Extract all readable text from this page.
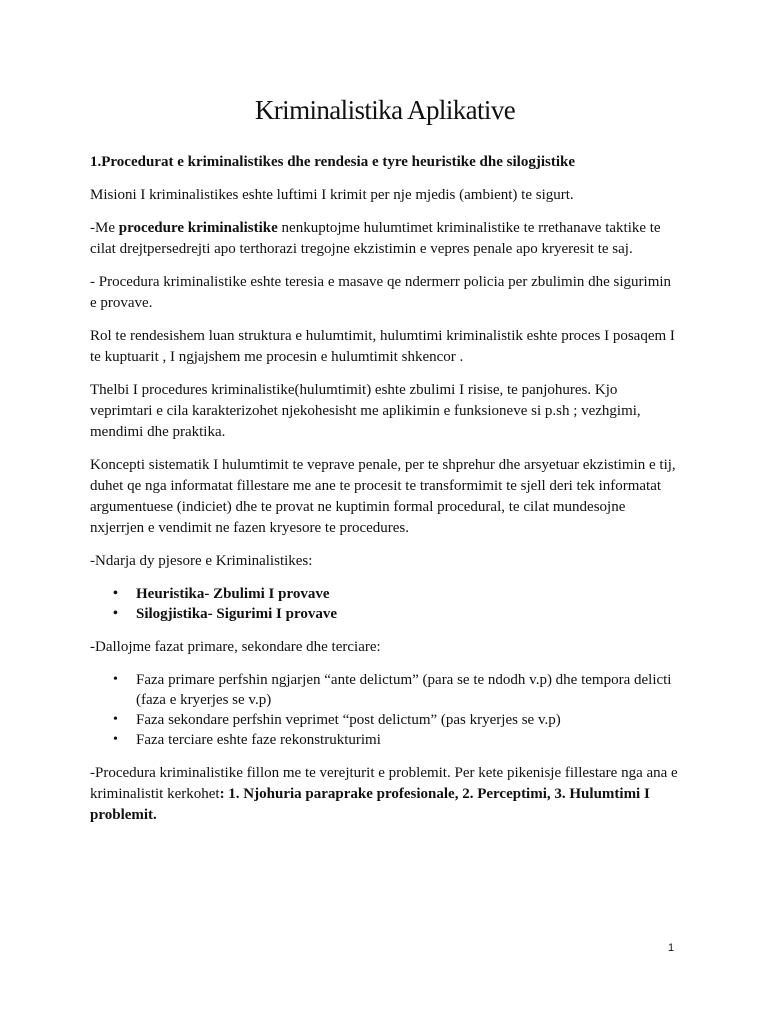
Kriminalistika Aplikative
1.Procedurat e kriminalistikes dhe rendesia e tyre heuristike dhe silogjistike

Misioni I kriminalistikes eshte luftimi I krimit per nje mjedis (ambient) te sigurt.

-Me procedure kriminalistike nenkuptojme hulumtimet kriminalistike te rrethanave taktike te cilat drejtpersedrejti apo terthorazi tregojne ekzistimin e vepres penale apo kryeresit te saj.

- Procedura kriminalistike eshte teresia e masave qe ndermerr policia per zbulimin dhe sigurimin e provave.

Rol te rendesishem luan struktura e hulumtimit, hulumtimi kriminalistik eshte proces I posaqem I te kuptuarit , I ngjajshem me procesin e hulumtimit shkencor .

Thelbi I procedures kriminalistike(hulumtimit) eshte zbulimi I risise, te panjohures. Kjo veprimtari e cila karakterizohet njekohesisht me aplikimin e funksioneve si p.sh ; vezhgimi, mendimi dhe praktika.

Koncepti sistematik I hulumtimit te veprave penale, per te shprehur dhe arsyetuar ekzistimin e tij, duhet qe nga informatat fillestare me ane te procesit te transformimit te sjell deri tek informatat argumentuese (indiciet) dhe te provat ne kuptimin formal procedural, te cilat mundesojne nxjerrjen e vendimit ne fazen kryesore te procedures.

-Ndarja dy pjesore e Kriminalistikes:

• Heuristika- Zbulimi I provave
• Silogjistika- Sigurimi I provave

-Dallojme fazat primare, sekondare dhe terciare:

• Faza primare perfshin ngjarjen “ante delictum” (para se te ndodh v.p) dhe tempora delicti (faza e kryerjes se v.p)
• Faza sekondare perfshin veprimet “post delictum” (pas kryerjes se v.p)
• Faza terciare eshte faze rekonstrukturimi

-Procedura kriminalistike fillon me te verejturit e problemit. Per kete pikenisje fillestare nga ana e kriminalistit kerkohet: 1. Njohuria paraprake profesionale, 2. Perceptimi, 3. Hulumtimi I problemit.

1
